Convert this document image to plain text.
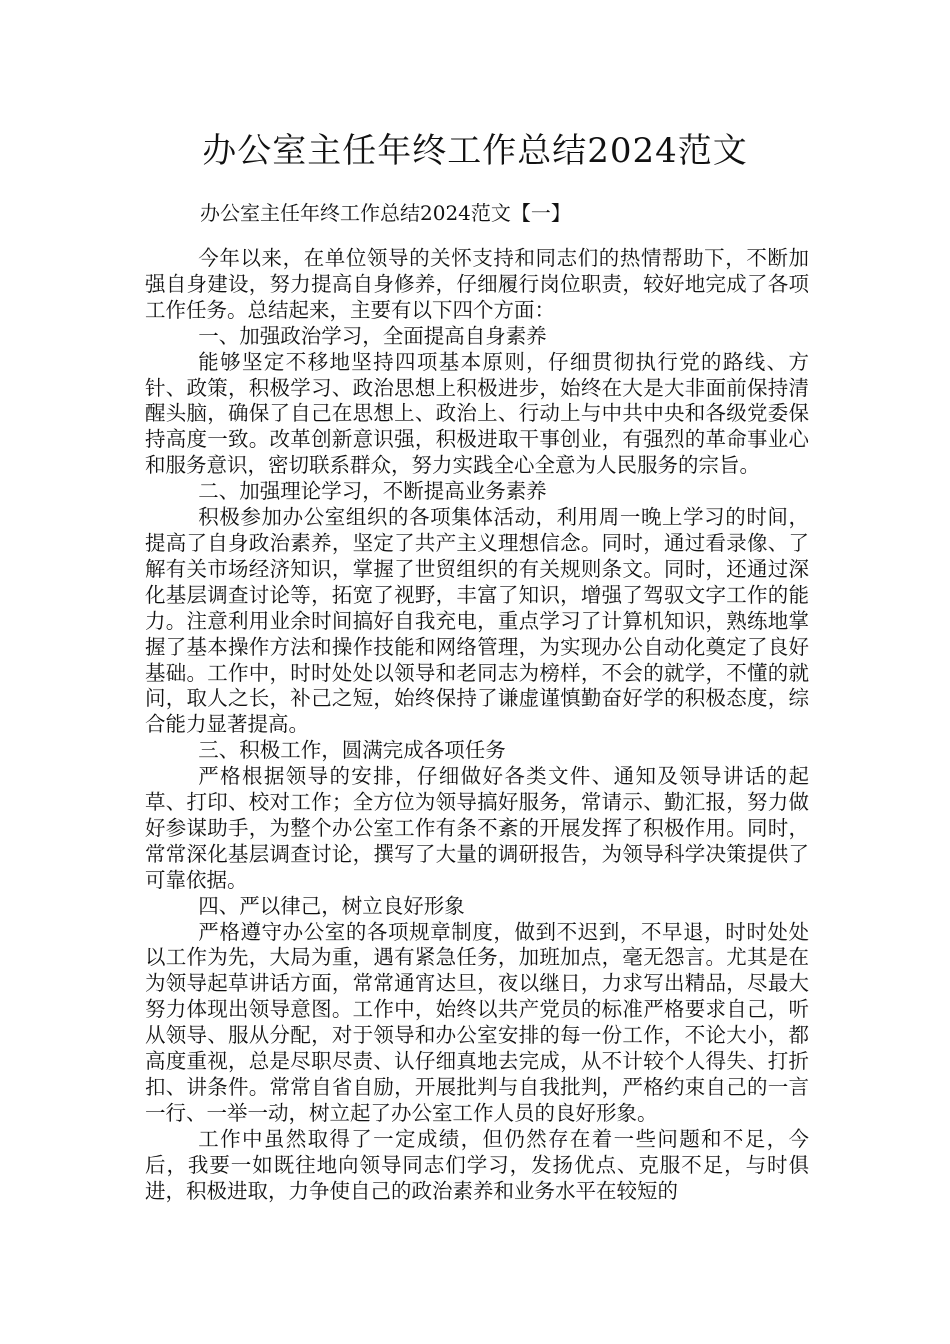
办公室主任年终工作总结2024范文
办公室主任年终工作总结2024范文【一】

今年以来，在单位领导的关怀支持和同志们的热情帮助下，不断加强自身建设，努力提高自身修养，仔细履行岗位职责，较好地完成了各项工作任务。总结起来，主要有以下四个方面：

一、加强政治学习，全面提高自身素养

能够坚定不移地坚持四项基本原则，仔细贯彻执行党的路线、方针、政策，积极学习、政治思想上积极进步，始终在大是大非面前保持清醒头脑，确保了自己在思想上、政治上、行动上与中共中央和各级党委保持高度一致。改革创新意识强，积极进取干事创业，有强烈的革命事业心和服务意识，密切联系群众，努力实践全心全意为人民服务的宗旨。

二、加强理论学习，不断提高业务素养

积极参加办公室组织的各项集体活动，利用周一晚上学习的时间，提高了自身政治素养，坚定了共产主义理想信念。同时，通过看录像、了解有关市场经济知识，掌握了世贸组织的有关规则条文。同时，还通过深化基层调查讨论等，拓宽了视野，丰富了知识，增强了驾驭文字工作的能力。注意利用业余时间搞好自我充电，重点学习了计算机知识，熟练地掌握了基本操作方法和操作技能和网络管理，为实现办公自动化奠定了良好基础。工作中，时时处处以领导和老同志为榜样，不会的就学，不懂的就问，取人之长，补己之短，始终保持了谦虚谨慎勤奋好学的积极态度，综合能力显著提高。

三、积极工作，圆满完成各项任务

严格根据领导的安排，仔细做好各类文件、通知及领导讲话的起草、打印、校对工作；全方位为领导搞好服务，常请示、勤汇报，努力做好参谋助手，为整个办公室工作有条不紊的开展发挥了积极作用。同时，常常深化基层调查讨论，撰写了大量的调研报告，为领导科学决策提供了可靠依据。

四、严以律己，树立良好形象

严格遵守办公室的各项规章制度，做到不迟到，不早退，时时处处以工作为先，大局为重，遇有紧急任务，加班加点，毫无怨言。尤其是在为领导起草讲话方面，常常通宵达旦，夜以继日，力求写出精品，尽最大努力体现出领导意图。工作中，始终以共产党员的标准严格要求自己，听从领导、服从分配，对于领导和办公室安排的每一份工作，不论大小，都高度重视，总是尽职尽责、认仔细真地去完成，从不计较个人得失、打折扣、讲条件。常常自省自励，开展批判与自我批判，严格约束自己的一言一行、一举一动，树立起了办公室工作人员的良好形象。

工作中虽然取得了一定成绩，但仍然存在着一些问题和不足，今后，我要一如既往地向领导同志们学习，发扬优点、克服不足，与时俱进，积极进取，力争使自己的政治素养和业务水平在较短的
